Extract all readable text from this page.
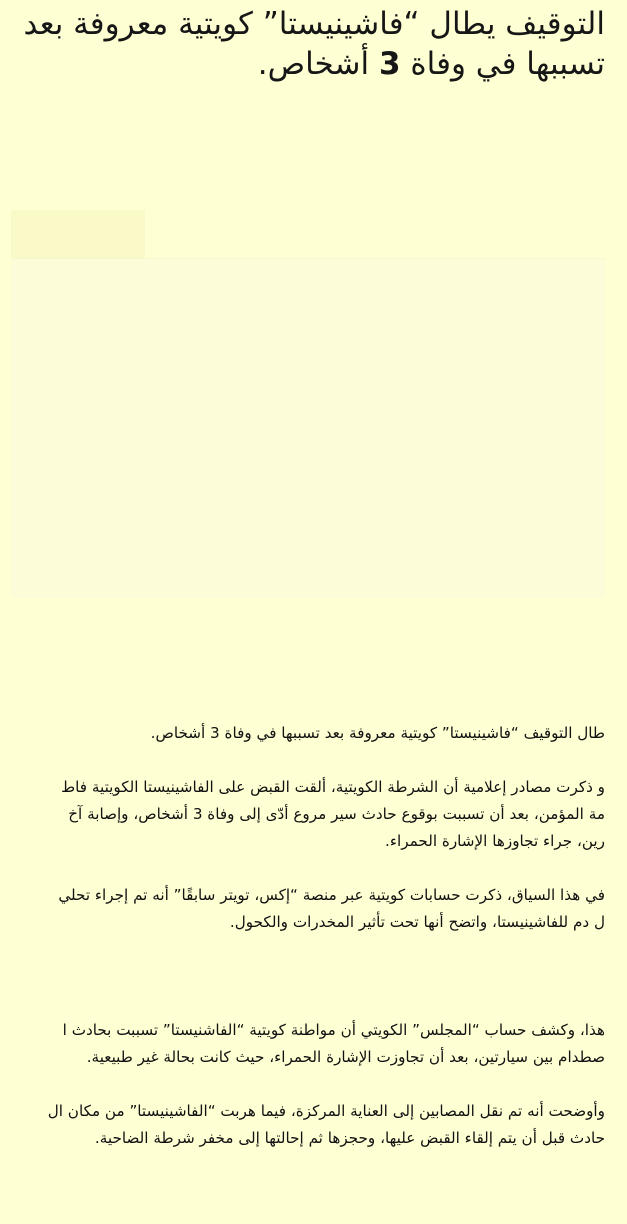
التوقيف يطال “فاشينيستا” كويتية معروفة بعد
تسببها في وفاة 3 أشخاص.

طال التوقيف “فاشينيستا” كويتية معروفة بعد تسببها في وفاة 3 أشخاص.

و ذكرت مصادر إعلامية أن الشرطة الكويتية، ألقت القبض على الفاشينيستا الكويتية فاط
مة المؤمن، بعد أن تسببت بوقوع حادث سير مروع أدّى إلى وفاة 3 أشخاص، وإصابة آخ
رين، جراء تجاوزها الإشارة الحمراء.

في هذا السياق، ذكرت حسابات كويتية عبر منصة “إكس، تويتر سابقًا” أنه تم إجراء تحلي
ل دم للفاشينيستا، واتضح أنها تحت تأثير المخدرات والكحول.

هذا، وكشف حساب “المجلس” الكويتي أن مواطنة كويتية “الفاشنيستا” تسببت بحادث ا
صطدام بين سيارتين، بعد أن تجاوزت الإشارة الحمراء، حيث كانت بحالة غير طبيعية.

وأوضحت أنه تم نقل المصابين إلى العناية المركزة، فيما هربت “الفاشينيستا” من مكان ال
حادث قبل أن يتم إلقاء القبض عليها، وحجزها ثم إحالتها إلى مخفر شرطة الضاحية.
